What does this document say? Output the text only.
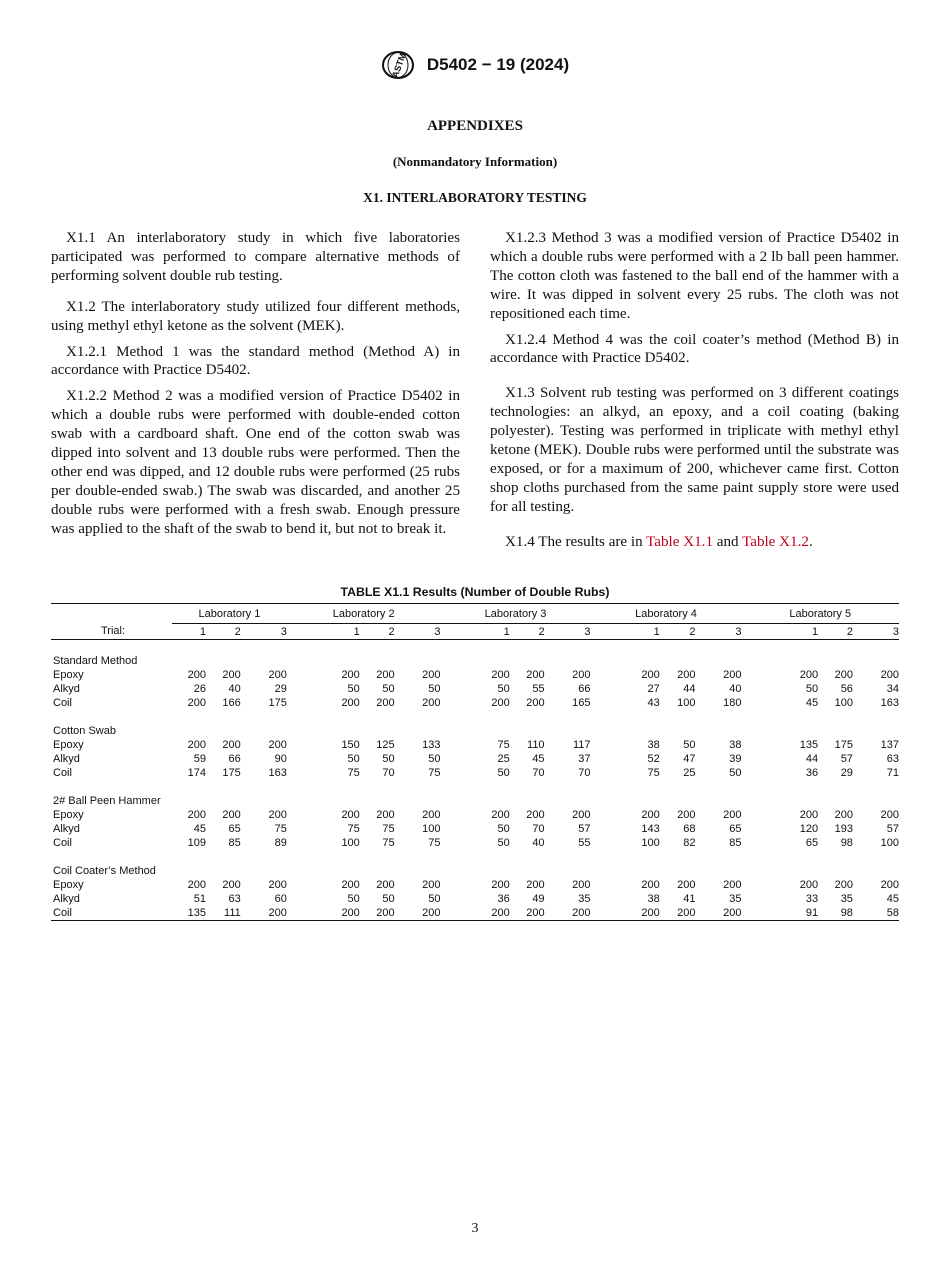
ASTM D5402 − 19 (2024)
APPENDIXES
(Nonmandatory Information)
X1. INTERLABORATORY TESTING

X1.1 An interlaboratory study in which five laboratories participated was performed to compare alternative methods of performing solvent double rub testing.

X1.2 The interlaboratory study utilized four different methods, using methyl ethyl ketone as the solvent (MEK).

X1.2.1 Method 1 was the standard method (Method A) in accordance with Practice D5402.

X1.2.2 Method 2 was a modified version of Practice D5402 in which a double rubs were performed with double-ended cotton swab with a cardboard shaft. One end of the cotton swab was dipped into solvent and 13 double rubs were performed. Then the other end was dipped, and 12 double rubs were performed (25 rubs per double-ended swab.) The swab was discarded, and another 25 double rubs were performed with a fresh swab. Enough pressure was applied to the shaft of the swab to bend it, but not to break it.

X1.2.3 Method 3 was a modified version of Practice D5402 in which a double rubs were performed with a 2 lb ball peen hammer. The cotton cloth was fastened to the ball end of the hammer with a wire. It was dipped in solvent every 25 rubs. The cloth was not repositioned each time.

X1.2.4 Method 4 was the coil coater’s method (Method B) in accordance with Practice D5402.

X1.3 Solvent rub testing was performed on 3 different coatings technologies: an alkyd, an epoxy, and a coil coating (baking polyester). Testing was performed in triplicate with methyl ethyl ketone (MEK). Double rubs were performed until the substrate was exposed, or for a maximum of 200, whichever came first. Cotton shop cloths purchased from the same paint supply store were used for all testing.

X1.4 The results are in Table X1.1 and Table X1.2.

TABLE X1.1 Results (Number of Double Rubs)
	Laboratory 1			Laboratory 2			Laboratory 3			Laboratory 4			Laboratory 5		
Trial:	1	2	3	1	2	3	1	2	3	1	2	3	1	2	3

Standard Method															
Epoxy	200	200	200	200	200	200	200	200	200	200	200	200	200	200	200
Alkyd	26	40	29	50	50	50	50	55	66	27	44	40	50	56	34
Coil	200	166	175	200	200	200	200	200	165	43	100	180	45	100	163

Cotton Swab															
Epoxy	200	200	200	150	125	133	75	110	117	38	50	38	135	175	137
Alkyd	59	66	90	50	50	50	25	45	37	52	47	39	44	57	63
Coil	174	175	163	75	70	75	50	70	70	75	25	50	36	29	71

2# Ball Peen Hammer															
Epoxy	200	200	200	200	200	200	200	200	200	200	200	200	200	200	200
Alkyd	45	65	75	75	75	100	50	70	57	143	68	65	120	193	57
Coil	109	85	89	100	75	75	50	40	55	100	82	85	65	98	100

Coil Coater’s Method															
Epoxy	200	200	200	200	200	200	200	200	200	200	200	200	200	200	200
Alkyd	51	63	60	50	50	50	36	49	35	38	41	35	33	35	45
Coil	135	111	200	200	200	200	200	200	200	200	200	200	91	98	58
3
